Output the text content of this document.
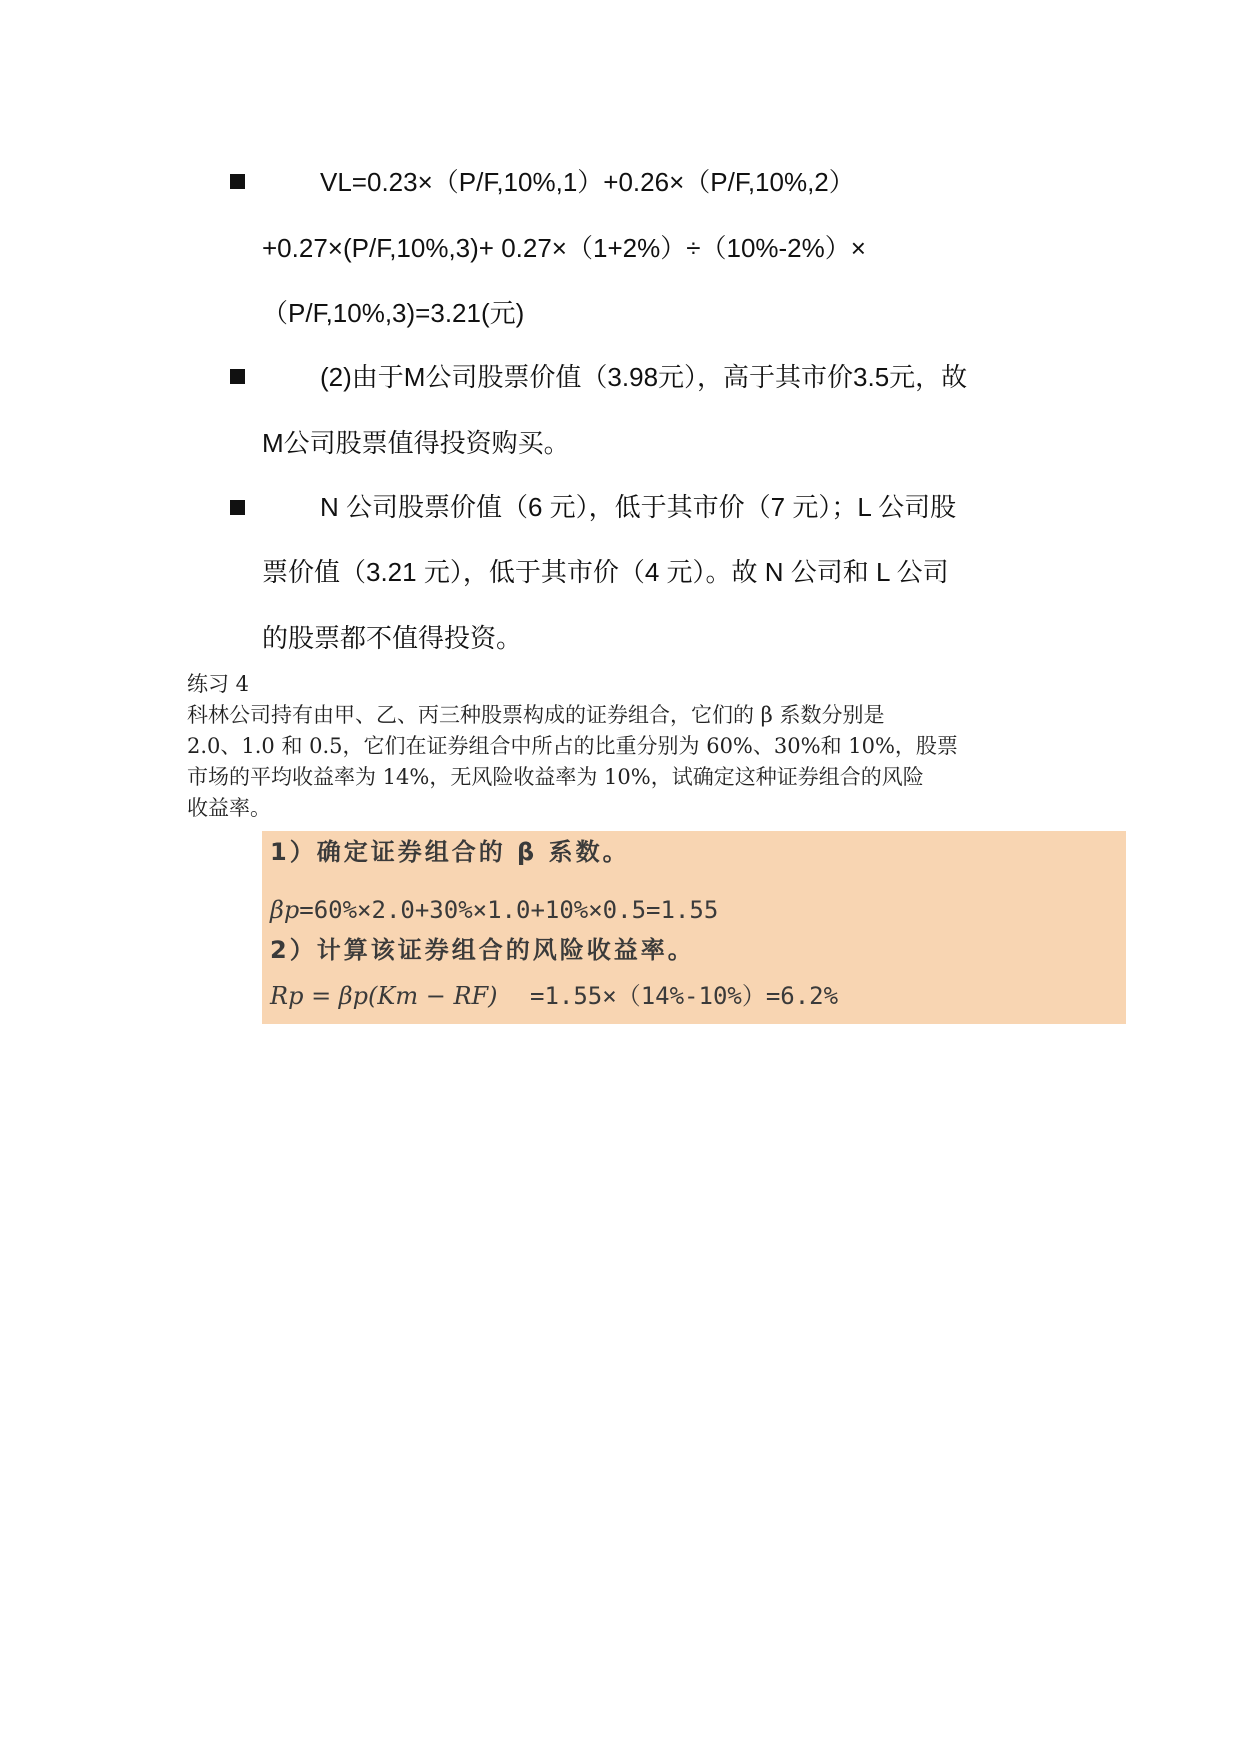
VL=0.23×（P/F,10%,1）+0.26×（P/F,10%,2）
+0.27×(P/F,10%,3)+ 0.27×（1+2%）÷（10%-2%）×
（P/F,10%,3)=3.21(元)
(2)由于M公司股票价值（3.98元），高于其市价3.5元，故
M公司股票值得投资购买。
N 公司股票价值（6 元），低于其市价（7 元）；L 公司股
票价值（3.21 元），低于其市价（4 元）。故 N 公司和 L 公司
的股票都不值得投资。
练习 4
科林公司持有由甲、乙、丙三种股票构成的证券组合，它们的 β 系数分别是
2.0、1.0 和 0.5，它们在证券组合中所占的比重分别为 60%、30%和 10%，股票
市场的平均收益率为 14%，无风险收益率为 10%，试确定这种证券组合的风险
收益率。
1）确定证券组合的 β 系数。
βp=60%×2.0+30%×1.0+10%×0.5=1.55
2）计算该证券组合的风险收益率。
Rp = βp(Km − RF) =1.55×（14%-10%）=6.2%
